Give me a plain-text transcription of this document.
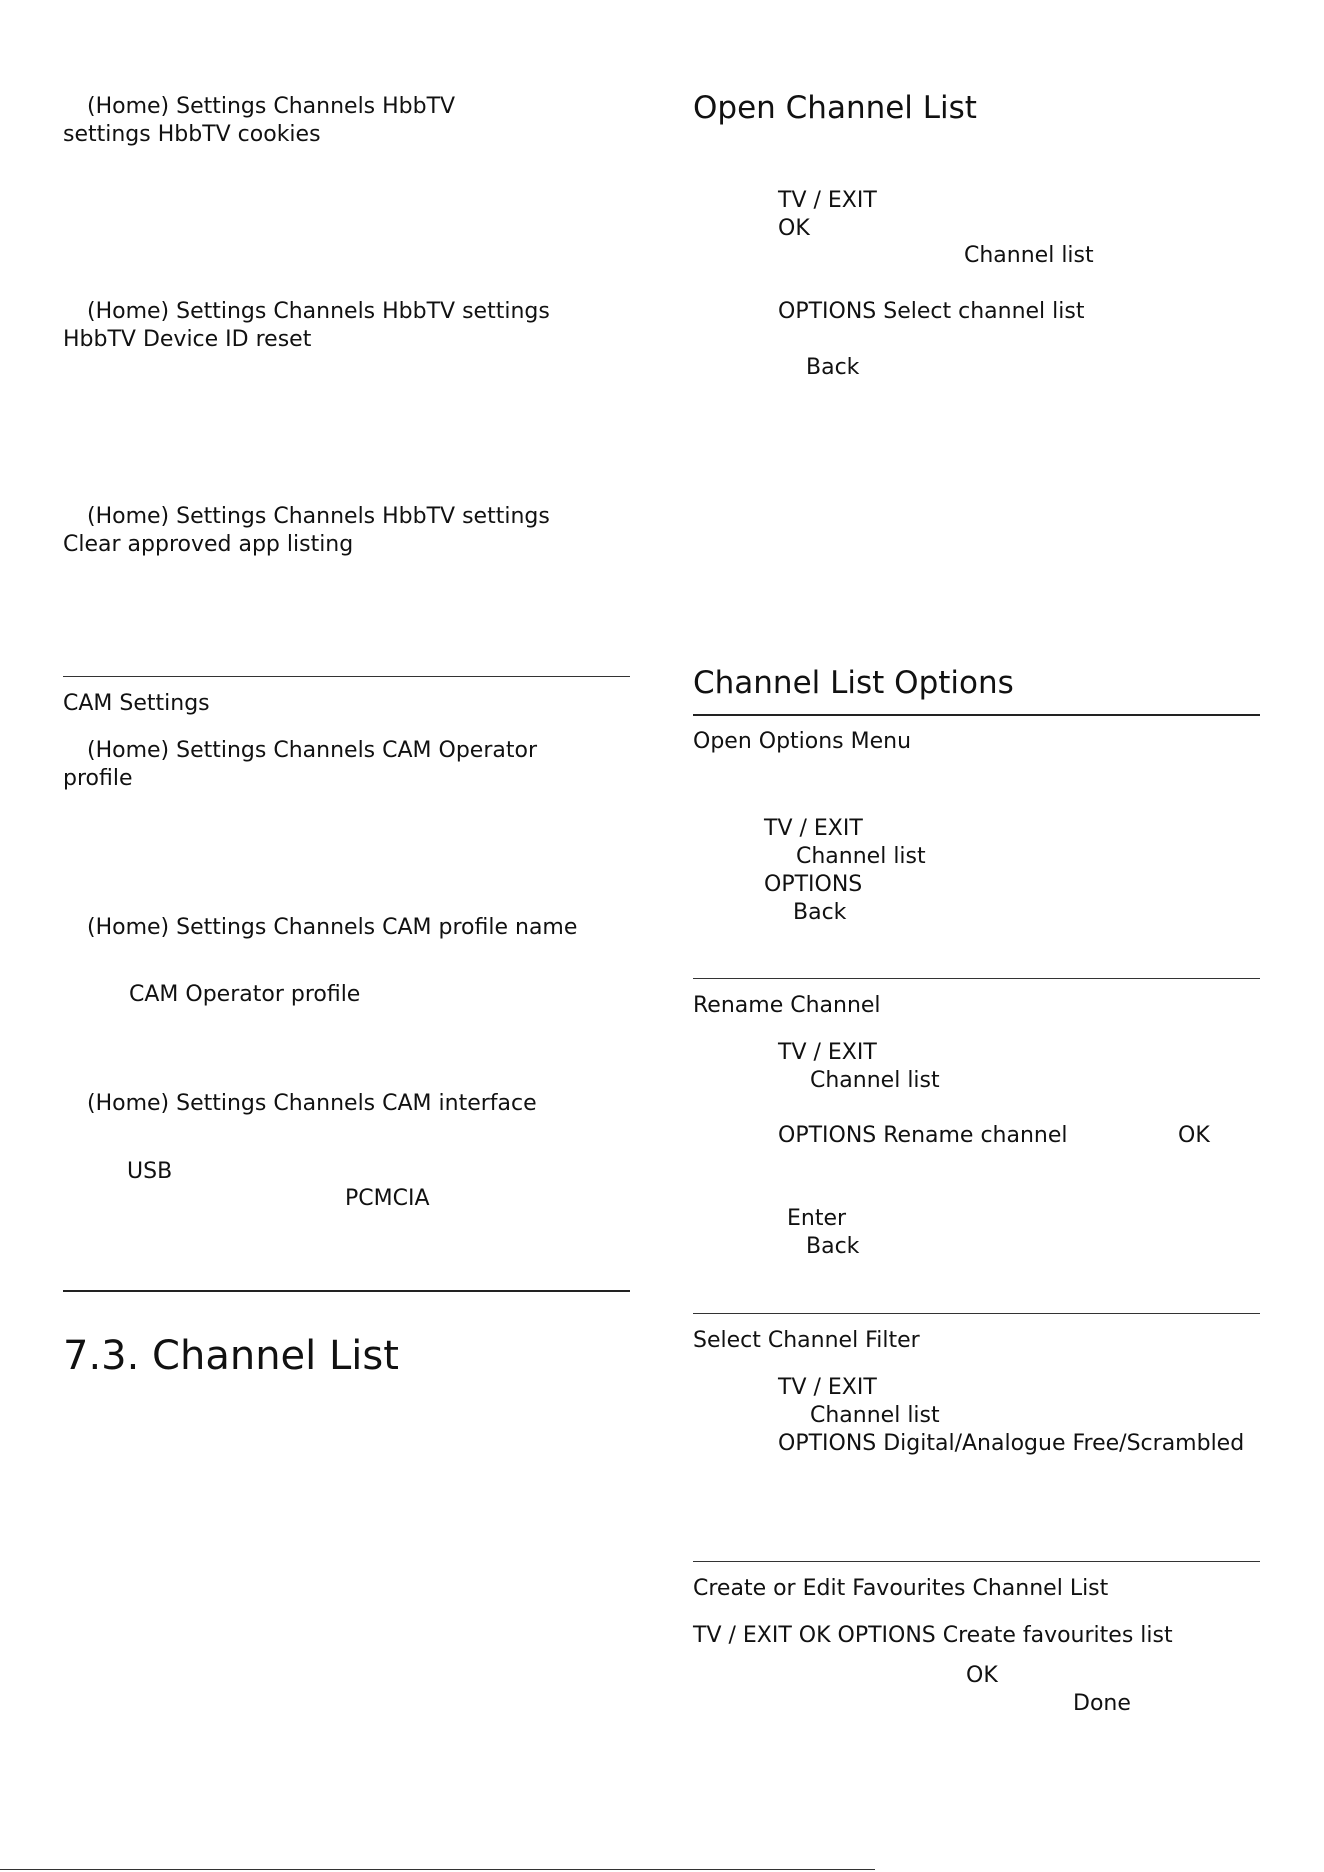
(Home) Settings Channels HbbTV
settings HbbTV cookies
(Home) Settings Channels HbbTV settings
HbbTV Device ID reset
(Home) Settings Channels HbbTV settings
Clear approved app listing
CAM Settings
(Home) Settings Channels CAM Operator
profile
(Home) Settings Channels CAM profile name
CAM Operator profile
(Home) Settings Channels CAM interface
USB
PCMCIA
7.3. Channel List
Open Channel List
TV / EXIT
OK
Channel list
OPTIONS Select channel list
Back
Channel List Options
Open Options Menu
TV / EXIT
Channel list
OPTIONS
Back
Rename Channel
TV / EXIT
Channel list
OPTIONS Rename channel	OK
Enter
Back
Select Channel Filter
TV / EXIT
Channel list
OPTIONS Digital/Analogue Free/Scrambled
Create or Edit Favourites Channel List
TV / EXIT OK OPTIONS Create favourites list
OK
Done
